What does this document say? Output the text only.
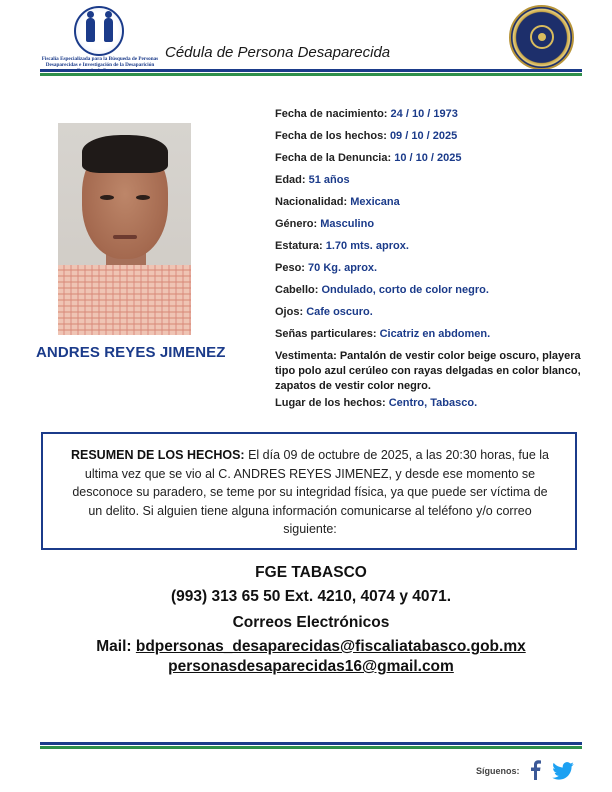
Fiscalía Especializada para la Búsqueda de Personas Desaparecidas e Investigación de la Desaparición
Cédula de Persona Desaparecida
ANDRES REYES JIMENEZ
Fecha de nacimiento: 24 / 10 / 1973
Fecha de los hechos: 09 / 10 / 2025
Fecha de la Denuncia: 10 / 10 / 2025
Edad: 51 años
Nacionalidad: Mexicana
Género: Masculino
Estatura: 1.70 mts. aprox.
Peso: 70 Kg. aprox.
Cabello: Ondulado, corto de color negro.
Ojos: Cafe oscuro.
Señas particulares: Cicatriz en abdomen.
Vestimenta: Pantalón de vestir color beige oscuro, playera tipo polo azul cerúleo con rayas delgadas en color blanco, zapatos de vestir color negro.
Lugar de los hechos: Centro, Tabasco.
RESUMEN DE LOS HECHOS: El día 09 de octubre de 2025, a las 20:30 horas, fue la ultima vez que se vio al C. ANDRES REYES JIMENEZ, y desde ese momento se desconoce su paradero, se teme por su integridad física, ya que puede ser víctima de un delito. Si alguien tiene alguna información comunicarse al teléfono y/o correo siguiente:
FGE TABASCO
(993) 313 65 50 Ext. 4210, 4074 y 4071.
Correos Electrónicos
Mail: bdpersonas_desaparecidas@fiscaliatabasco.gob.mx
personasdesaparecidas16@gmail.com
Síguenos:
